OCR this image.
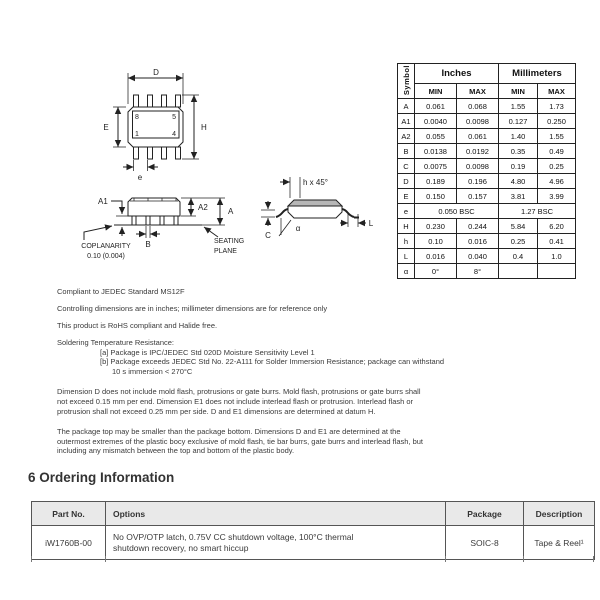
D
8	5
1	4
E	H
e
A1
A2	A
B	SEATING
PLANE
COPLANARITY
0.10 (0.004)
h x 45°
α
L
C
Symbol	Inches		Millimeters	
	MIN	MAX	MIN	MAX
A	0.061	0.068	1.55	1.73
A1	0.0040	0.0098	0.127	0.250
A2	0.055	0.061	1.40	1.55
B	0.0138	0.0192	0.35	0.49
C	0.0075	0.0098	0.19	0.25
D	0.189	0.196	4.80	4.96
E	0.150	0.157	3.81	3.99
e	0.050 BSC		1.27 BSC	
H	0.230	0.244	5.84	6.20
h	0.10	0.016	0.25	0.41
L	0.016	0.040	0.4	1.0
α	0°	8°		
Compliant to JEDEC Standard MS12F
Controlling dimensions are in inches; millimeter dimensions are for reference only
This product is RoHS compliant and Halide free.
Soldering Temperature Resistance:
[a] Package is IPC/JEDEC Std 020D Moisture Sensitivity Level 1
[b] Package exceeds JEDEC Std No. 22-A111 for Solder Immersion Resistance; package can withstand
10 s immersion < 270°C
Dimension D does not include mold flash, protrusions or gate burrs. Mold flash, protrusions or gate burrs shall
not exceed 0.15 mm per end. Dimension E1 does not include interlead flash or protrusion. Interlead flash or
protrusion shall not exceed 0.25 mm per side. D and E1 dimensions are determined at datum H.
The package top may be smaller than the package bottom. Dimensions D and E1 are determined at the
outermost extremes of the plastic bocy exclusive of mold flash, tie bar burrs, gate burrs and interlead flash, but
including any mismatch between the top and bottom of the plastic body.
6 Ordering Information
Part No.	Options	Package	Description
iW1760B-00	No OVP/OTP latch, 0.75V CC shutdown voltage, 100°C thermal
shutdown recovery, no smart hiccup	SOIC-8	Tape & Reel¹
